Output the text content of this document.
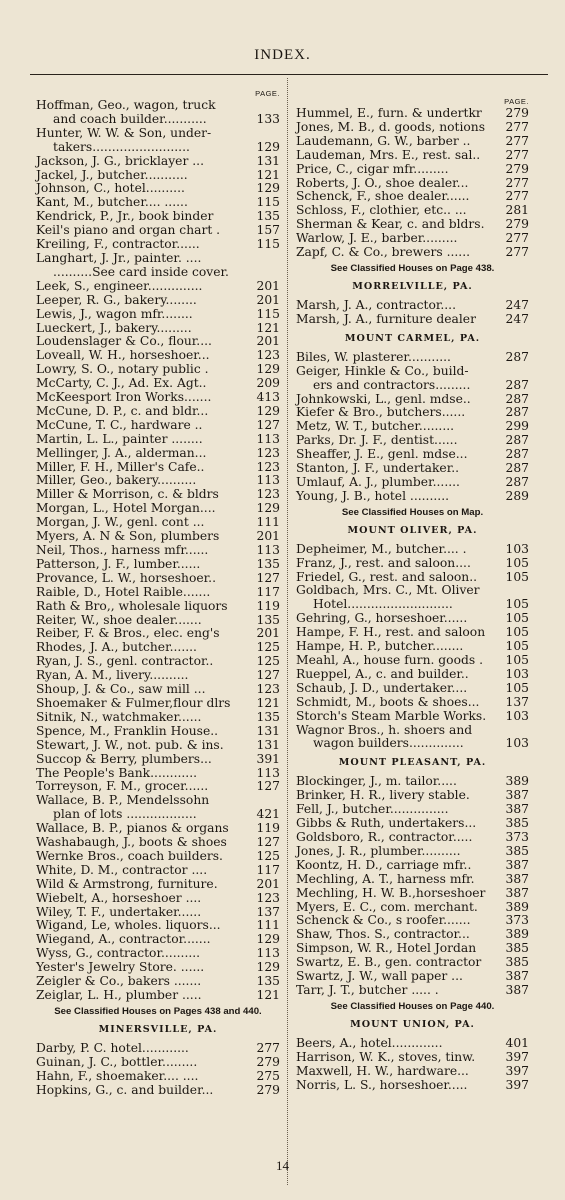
INDEX.
PAGE.
Hoffman, Geo., wagon, truck
and coach builder...........	133
Hunter, W. W. & Son, under-
takers.........................	129
Jackson, J. G., bricklayer ...	131
Jackel, J., butcher...........	121
Johnson, C., hotel..........	129
Kant, M., butcher.... ......	115
Kendrick, P., Jr., book binder	135
Keil's piano and organ chart .	157
Kreiling, F., contractor......	115
Langhart, J. Jr., painter. ....
..........See card inside cover.
Leek, S., engineer..............	201
Leeper, R. G., bakery........	201
Lewis, J., wagon mfr........	115
Lueckert, J., bakery.........	121
Loudenslager & Co., flour....	201
Loveall, W. H., horseshoer...	123
Lowry, S. O., notary public .	129
McCarty, C. J., Ad. Ex. Agt..	209
McKeesport Iron Works.......	413
McCune, D. P., c. and bldr...	129
McCune, T. C., hardware ..	127
Martin, L. L., painter ........	113
Mellinger, J. A., alderman...	123
Miller, F. H., Miller's Cafe..	123
Miller, Geo., bakery..........	113
Miller & Morrison, c. & bldrs	123
Morgan, L., Hotel Morgan....	129
Morgan, J. W., genl. cont ...	111
Myers, A. N & Son, plumbers	201
Neil, Thos., harness mfr......	113
Patterson, J. F., lumber......	135
Provance, L. W., horseshoer..	127
Raible, D., Hotel Raible.......	117
Rath & Bro,, wholesale liquors 119
Reiter, W., shoe dealer.......	135
Reiber, F. & Bros., elec. eng's	201
Rhodes, J. A., butcher.......	125
Ryan, J. S., genl. contractor..	125
Ryan, A. M., livery..........	127
Shoup, J. & Co., saw mill ...	123
Shoemaker & Fulmer,flour dlrs 121
Sitnik, N., watchmaker......	135
Spence, M., Franklin House..	131
Stewart, J. W., not. pub. & ins.	131
Succop & Berry, plumbers...	391
The People's Bank............	113
Torreyson, F. M., grocer......	127
Wallace, B. P., Mendelssohn
plan of lots ..................	421
Wallace, B. P., pianos & organs 119
Washabaugh, J., boots & shoes 127
Wernke Bros., coach builders.	125
White, D. M., contractor ....	117
Wild & Armstrong, furniture.	201
Wiebelt, A., horseshoer ....	123
Wiley, T. F., undertaker......	137
Wigand, Le, wholes. liquors...	111
Wiegand, A., contractor.......	129
Wyss, G., contractor..........	113
Yester's Jewelry Store. ......	129
Zeigler & Co., bakers .......	135
Zeiglar, L. H., plumber .....	121
See Classified Houses on Pages 438 and 440.
MINERSVILLE, PA.
Darby, P. C. hotel............	277
Guinan, J. C., bottler.........	279
Hahn, F., shoemaker.... ....	275
Hopkins, G., c. and builder...	279
PAGE.
Hummel, E., furn. & undertkr 279
Jones, M. B., d. goods, notions 277
Laudemann, G. W., barber ..	277
Laudeman, Mrs. E., rest. sal.. 277
Price, C., cigar mfr.........	279
Roberts, J. O., shoe dealer...	277
Schenck, F., shoe dealer......	277
Schloss, F., clothier, etc.. ...	281
Sherman & Kear, c. and bldrs. 279
Warlow, J. E., barber.........	277
Zapf, C. & Co., brewers ......	277
See Classified Houses on Page 438.
MORRELVILLE, PA.
Marsh, J. A., contractor....	247
Marsh, J. A., furniture dealer 247
MOUNT CARMEL, PA.
Biles, W. plasterer...........	287
Geiger, Hinkle & Co., build-
ers and contractors.........	287
Johnkowski, L., genl. mdse..	287
Kiefer & Bro., butchers......	287
Metz, W. T., butcher.........	299
Parks, Dr. J. F., dentist......	287
Sheaffer, J. E., genl. mdse...	287
Stanton, J. F., undertaker..	287
Umlauf, A. J., plumber.......	287
Young, J. B., hotel ..........	289
See Classified Houses on Map.
MOUNT OLIVER, PA.
Depheimer, M., butcher.... .	103
Franz, J., rest. and saloon....	105
Friedel, G., rest. and saloon.. 105
Goldbach, Mrs. C., Mt. Oliver
Hotel...........................	105
Gehring, G., horseshoer......	105
Hampe, F. H., rest. and saloon 105
Hampe, H. P., butcher........	105
Meahl, A., house furn. goods . 105
Rueppel, A., c. and builder..	103
Schaub, J. D., undertaker....	105
Schmidt, M., boots & shoes... 137
Storch's Steam Marble Works. 103
Wagnor Bros., h. shoers and
wagon builders..............	103
MOUNT PLEASANT, PA.
Blockinger, J., m. tailor.....	389
Brinker, H. R., livery stable.	387
Fell, J., butcher...............	387
Gibbs & Ruth, undertakers... 385
Goldsboro, R., contractor.....	373
Jones, J. R., plumber..........	385
Koontz, H. D., carriage mfr..	387
Mechling, A. T., harness mfr.	387
Mechling, H. W. B.,horseshoer 387
Myers, E. C., com. merchant. 389
Schenck & Co., s roofer.......	373
Shaw, Thos. S., contractor...	389
Simpson, W. R., Hotel Jordan 385
Swartz, E. B., gen. contractor 385
Swartz, J. W., wall paper ...	387
Tarr, J. T., butcher ..... .	387
See Classified Houses on Page 440.
MOUNT UNION, PA.
Beers, A., hotel.............	401
Harrison, W. K., stoves, tinw. 397
Maxwell, H. W., hardware...	397
Norris, L. S., horseshoer.....	397
14
